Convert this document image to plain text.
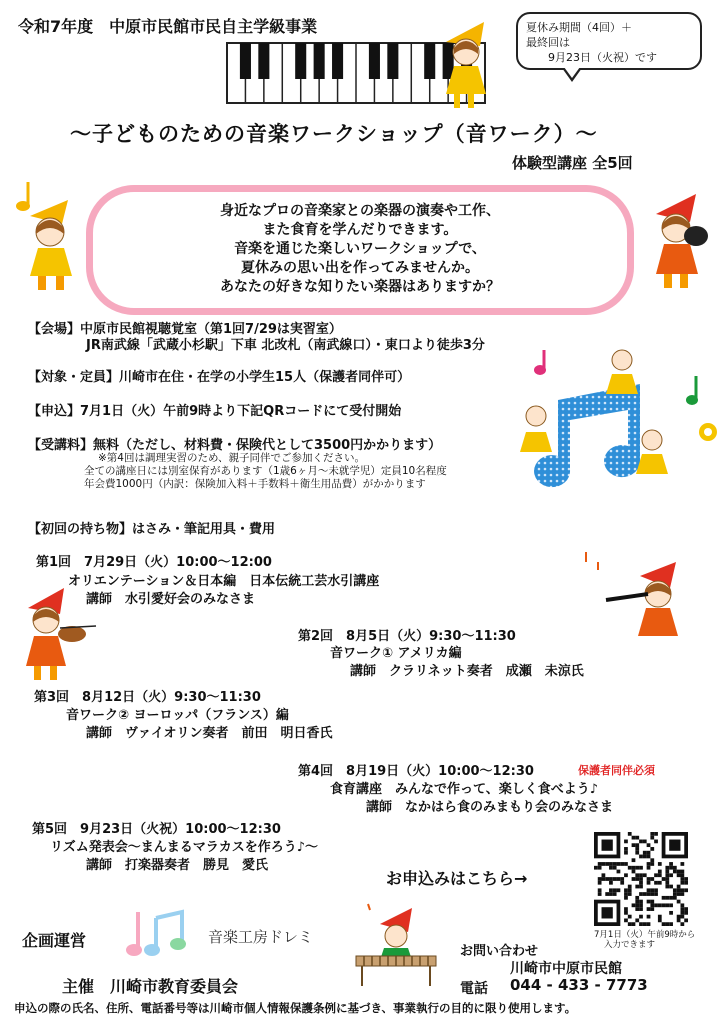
令和7年度　中原市民館市民自主学級事業	夏休み期間（4回）＋
最終回は
9月23日（火祝）です
～子どものための音楽ワークショップ（音ワーク）～
体験型講座 全5回
身近なプロの音楽家との楽器の演奏や工作、
また食育を学んだりできます。
音楽を通じた楽しいワークショップで、
夏休みの思い出を作ってみませんか。
あなたの好きな知りたい楽器はありますか？
【会場】中原市民館視聴覚室（第1回7/29は実習室）
JR南武線「武蔵小杉駅」下車 北改札（南武線口）・東口より徒歩3分
【対象・定員】川崎市在住・在学の小学生15人（保護者同伴可）
【申込】7月1日（火）午前9時より下記QRコードにて受付開始
【受講料】無料（ただし、材料費・保険代として3500円かかります）
※第4回は調理実習のため、親子同伴でご参加ください。
全ての講座日には別室保育があります（1歳6ヶ月～未就学児）定員10名程度
年会費1000円（内訳：保険加入料＋手数料＋衛生用品費）がかかります
【初回の持ち物】はさみ・筆記用具・費用
第1回　7月29日（火）10:00～12:00
オリエンテーション＆日本編　日本伝統工芸水引講座
講師　水引愛好会のみなさま
第2回　8月5日（火）9:30～11:30
音ワーク① アメリカ編
講師　クラリネット奏者　成瀬　未涼氏
第3回　8月12日（火）9:30～11:30
音ワーク② ヨーロッパ（フランス）編
講師　ヴァイオリン奏者　前田　明日香氏
第4回　8月19日（火）10:00～12:30	保護者同伴必須
食育講座　みんなで作って、楽しく食べよう♪
講師　なかはら食のみまもり会のみなさま
第5回　9月23日（火祝）10:00～12:30
リズム発表会～まんまるマラカスを作ろう♪～
講師　打楽器奏者　勝見　愛氏
お申込みはこちら→
7月1日（火）午前9時から
入力できます
企画運営	音楽工房ドレミ
主催　川崎市教育委員会
お問い合わせ
川崎市中原市民館
電話 044 - 433 - 7773
申込の際の氏名、住所、電話番号等は川崎市個人情報保護条例に基づき、事業執行の目的に限り使用します。
